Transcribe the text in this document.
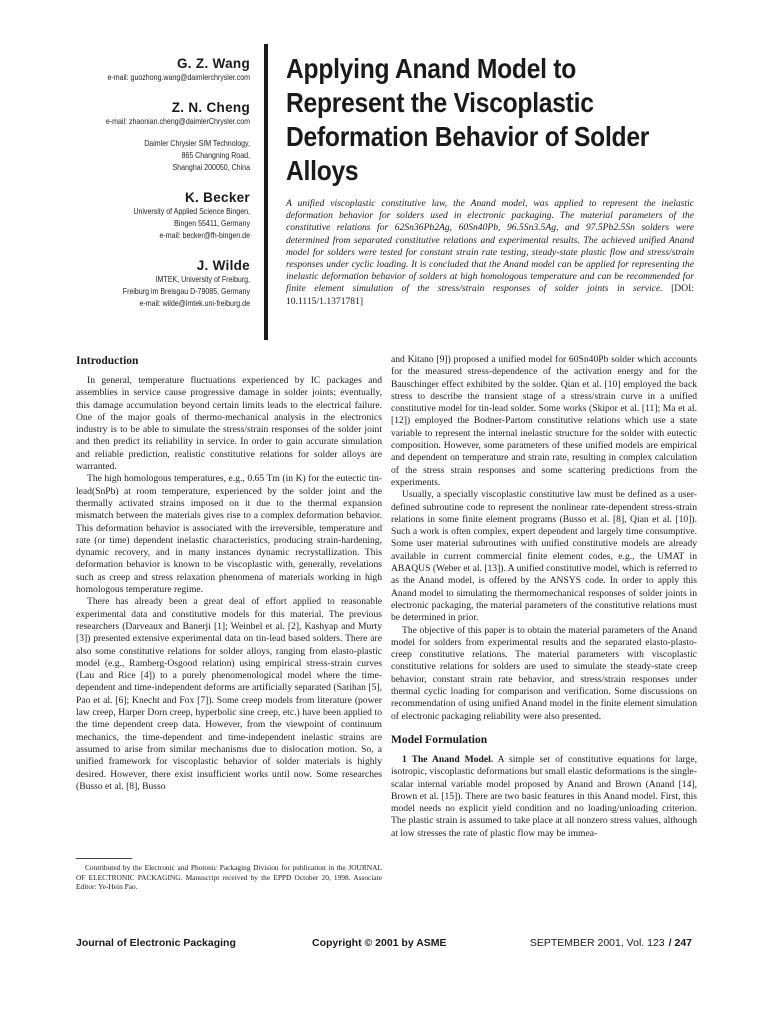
G. Z. Wang
e-mail: guozhong.wang@daimlerchrysler.com
Z. N. Cheng
e-mail: zhaonian.cheng@daimlerChrysler.com
Daimler Chrysler SIM Technology,
865 Changning Road,
Shanghai 200050, China
K. Becker
University of Applied Science Bingen,
Bingen 55411, Germany
e-mail: becker@fh-bingen.de
J. Wilde
IMTEK, University of Freiburg,
Freiburg im Breisgau D-79085, Germany
e-mail: wilde@imtek.uni-freiburg.de
Applying Anand Model to
Represent the Viscoplastic
Deformation Behavior of Solder
Alloys
A unified viscoplastic constitutive law, the Anand model, was applied to represent the inelastic deformation behavior for solders used in electronic packaging. The material parameters of the constitutive relations for 62Sn36Pb2Ag, 60Sn40Pb, 96.5Sn3.5Ag, and 97.5Pb2.5Sn solders were determined from separated constitutive relations and experimental results. The achieved unified Anand model for solders were tested for constant strain rate testing, steady-state plastic flow and stress/strain responses under cyclic loading. It is concluded that the Anand model can be applied for representing the inelastic deformation behavior of solders at high homologous temperature and can be recommended for finite element simulation of the stress/strain responses of solder joints in service. [DOI: 10.1115/1.1371781]
Introduction

In general, temperature fluctuations experienced by IC packages and assemblies in service cause progressive damage in solder joints; eventually, this damage accumulation beyond certain limits leads to the electrical failure. One of the major goals of thermo-mechanical analysis in the electronics industry is to be able to simulate the stress/strain responses of the solder joint and then predict its reliability in service. In order to gain accurate simulation and reliable prediction, realistic constitutive relations for solder alloys are warranted.

The high homologous temperatures, e.g., 0.65 Tm (in K) for the eutectic tin-lead(SnPb) at room temperature, experienced by the solder joint and the thermally activated strains imposed on it due to the thermal expansion mismatch between the materials gives rise to a complex deformation behavior. This deformation behavior is associated with the irreversible, temperature and rate (or time) dependent inelastic characteristics, producing strain-hardening, dynamic recovery, and in many instances dynamic recrystallization. This deformation behavior is known to be viscoplastic with, generally, revelations such as creep and stress relaxation phenomena of materials working in high homologous temperature regime.

There has already been a great deal of effort applied to reasonable experimental data and constitutive models for this material. The previous researchers (Darveaux and Banerji [1]; Weinbel et al. [2], Kashyap and Murty [3]) presented extensive experimental data on tin-lead based solders. There are also some constitutive relations for solder alloys, ranging from elasto-plastic model (e.g., Ramberg-Osgood relation) using empirical stress-strain curves (Lau and Rice [4]) to a purely phenomenological model where the time-dependent and time-independent deforms are artificially separated (Sarihan [5], Pao et al. [6]; Knecht and Fox [7]). Some creep models from literature (power law creep, Harper Dorn creep, hyperbolic sine creep, etc.) have been applied to the time dependent creep data. However, from the viewpoint of continuum mechanics, the time-dependent and time-independent inelastic strains are assumed to arise from similar mechanisms due to dislocation motion. So, a unified framework for viscoplastic behavior of solder materials is highly desired. However, there exist insufficient works until now. Some researches (Busso et al. [8], Busso

and Kitano [9]) proposed a unified model for 60Sn40Pb solder which accounts for the measured stress-dependence of the activation energy and for the Bauschinger effect exhibited by the solder. Qian et al. [10] employed the back stress to describe the transient stage of a stress/strain curve in a unified constitutive model for tin-lead solder. Some works (Skipor et al. [11]; Ma et al. [12]) employed the Bodner-Partom constitutive relations which use a state variable to represent the internal inelastic structure for the solder with eutectic composition. However, some parameters of these unified models are empirical and dependent on temperature and strain rate, resulting in complex calculation of the stress strain responses and some scattering predictions from the experiments.

Usually, a specially viscoplastic constitutive law must be defined as a user-defined subroutine code to represent the nonlinear rate-dependent stress-strain relations in some finite element programs (Busso et al. [8], Qian et al. [10]). Such a work is often complex, expert dependent and largely time consumptive. Some user material subroutines with unified constitutive models are already available in current commercial finite element codes, e.g., the UMAT in ABAQUS (Weber et al. [13]). A unified constitutive model, which is referred to as the Anand model, is offered by the ANSYS code. In order to apply this Anand model to simulating the thermomechanical responses of solder joints in electronic packaging, the material parameters of the constitutive relations must be determined in prior.

The objective of this paper is to obtain the material parameters of the Anand model for solders from experimental results and the separated elasto-plasto-creep constitutive relations. The material parameters with viscoplastic constitutive relations for solders are used to simulate the steady-state creep behavior, constant strain rate behavior, and stress/strain responses under thermal cyclic loading for comparison and verification. Some discussions on recommendation of using unified Anand model in the finite element simulation of electronic packaging reliability were also presented.

Model Formulation

1 The Anand Model. A simple set of constitutive equations for large, isotropic, viscoplastic deformations but small elastic deformations is the single-scalar internal variable model proposed by Anand and Brown (Anand [14], Brown et al. [15]). There are two basic features in this Anand model. First, this model needs no explicit yield condition and no loading/unloading criterion. The plastic strain is assumed to take place at all nonzero stress values, although at low stresses the rate of plastic flow may be immea-

Contributed by the Electronic and Photonic Packaging Division for publication in the JOURNAL OF ELECTRONIC PACKAGING. Manuscript received by the EPPD October 20, 1998. Associate Editor: Ye-Hein Pao.

Journal of Electronic Packaging	Copyright © 2001 by ASME	SEPTEMBER 2001, Vol. 123 / 247
